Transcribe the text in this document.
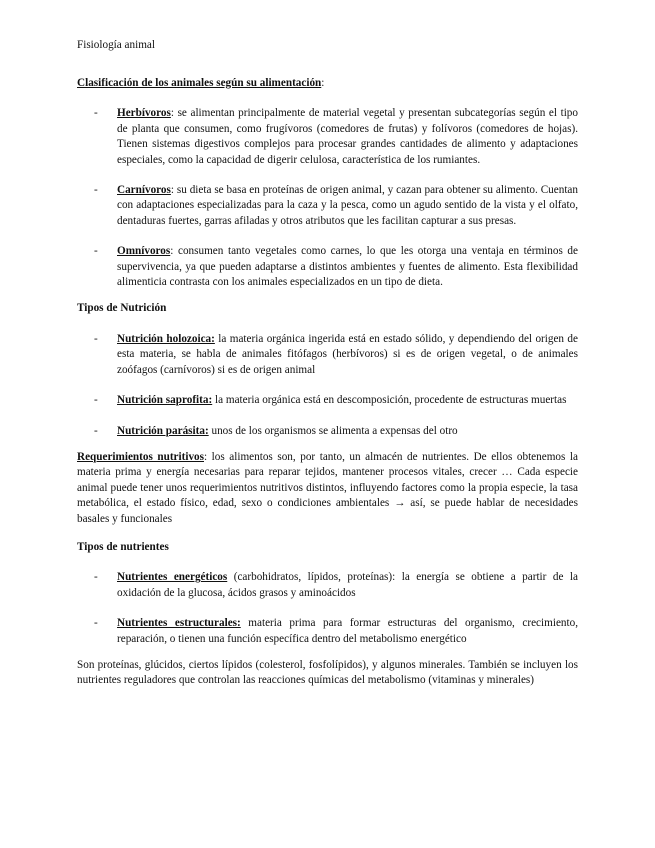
Fisiología animal

Clasificación de los animales según su alimentación:

- Herbívoros: se alimentan principalmente de material vegetal y presentan subcategorías según el tipo de planta que consumen, como frugívoros (comedores de frutas) y folívoros (comedores de hojas). Tienen sistemas digestivos complejos para procesar grandes cantidades de alimento y adaptaciones especiales, como la capacidad de digerir celulosa, característica de los rumiantes.
- Carnívoros: su dieta se basa en proteínas de origen animal, y cazan para obtener su alimento. Cuentan con adaptaciones especializadas para la caza y la pesca, como un agudo sentido de la vista y el olfato, dentaduras fuertes, garras afiladas y otros atributos que les facilitan capturar a sus presas.
- Omnívoros: consumen tanto vegetales como carnes, lo que les otorga una ventaja en términos de supervivencia, ya que pueden adaptarse a distintos ambientes y fuentes de alimento. Esta flexibilidad alimenticia contrasta con los animales especializados en un tipo de dieta.

Tipos de Nutrición

- Nutrición holozoica: la materia orgánica ingerida está en estado sólido, y dependiendo del origen de esta materia, se habla de animales fitófagos (herbívoros) si es de origen vegetal, o de animales zoófagos (carnívoros) si es de origen animal
- Nutrición saprofita: la materia orgánica está en descomposición, procedente de estructuras muertas
- Nutrición parásita: unos de los organismos se alimenta a expensas del otro

Requerimientos nutritivos: los alimentos son, por tanto, un almacén de nutrientes. De ellos obtenemos la materia prima y energía necesarias para reparar tejidos, mantener procesos vitales, crecer … Cada especie animal puede tener unos requerimientos nutritivos distintos, influyendo factores como la propia especie, la tasa metabólica, el estado físico, edad, sexo o condiciones ambientales → así, se puede hablar de necesidades basales y funcionales

Tipos de nutrientes

- Nutrientes energéticos (carbohidratos, lípidos, proteínas): la energía se obtiene a partir de la oxidación de la glucosa, ácidos grasos y aminoácidos
- Nutrientes estructurales: materia prima para formar estructuras del organismo, crecimiento, reparación, o tienen una función específica dentro del metabolismo energético

Son proteínas, glúcidos, ciertos lípidos (colesterol, fosfolípidos), y algunos minerales. También se incluyen los nutrientes reguladores que controlan las reacciones químicas del metabolismo (vitaminas y minerales)
